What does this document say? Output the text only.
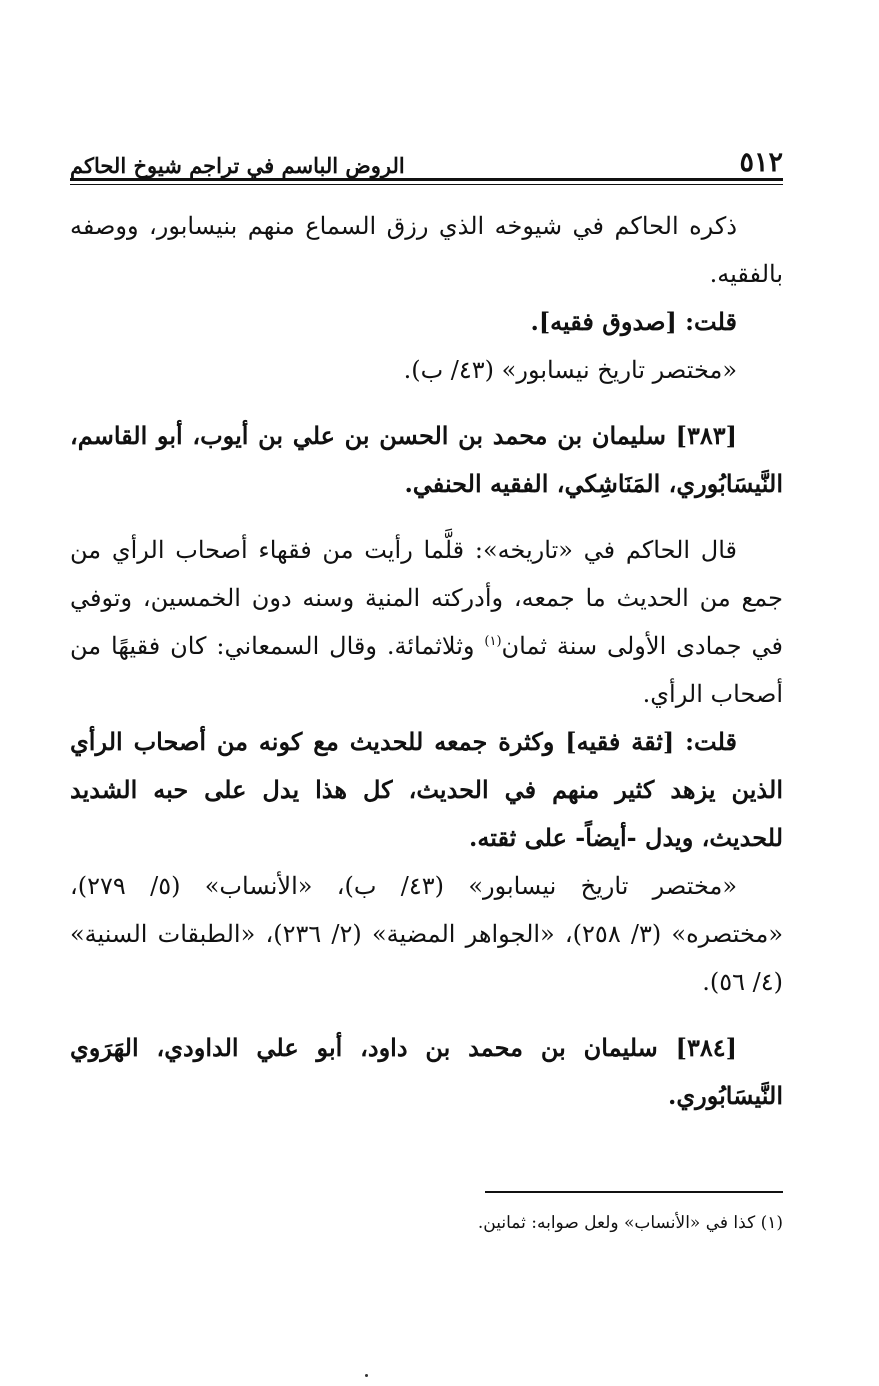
٥١٢
الروض الباسم في تراجم شيوخ الحاكم

ذكره الحاكم في شيوخه الذي رزق السماع منهم بنيسابور، ووصفه بالفقيه.

قلت: [صدوق فقيه].

«مختصر تاريخ نيسابور» (٤٣/ ب).

[٣٨٣] سليمان بن محمد بن الحسن بن علي بن أيوب، أبو القاسم، النَّيسَابُوري، المَنَاشِكي، الفقيه الحنفي.

قال الحاكم في «تاريخه»: قلَّما رأيت من فقهاء أصحاب الرأي من جمع من الحديث ما جمعه، وأدركته المنية وسنه دون الخمسين، وتوفي في جمادى الأولى سنة ثمان$^{(١)}$ وثلاثمائة. وقال السمعاني: كان فقيهًا من أصحاب الرأي.

قلت: [ثقة فقيه] وكثرة جمعه للحديث مع كونه من أصحاب الرأي الذين يزهد كثير منهم في الحديث، كل هذا يدل على حبه الشديد للحديث، ويدل -أيضاً- على ثقته.

«مختصر تاريخ نيسابور» (٤٣/ ب)، «الأنساب» (٥/ ٢٧٩)، «مختصره» (٣/ ٢٥٨)، «الجواهر المضية» (٢/ ٢٣٦)، «الطبقات السنية» (٤/ ٥٦).

[٣٨٤] سليمان بن محمد بن داود، أبو علي الداودي، الهَرَوي النَّيسَابُوري.

(١) كذا في «الأنساب» ولعل صوابه: ثمانين.
